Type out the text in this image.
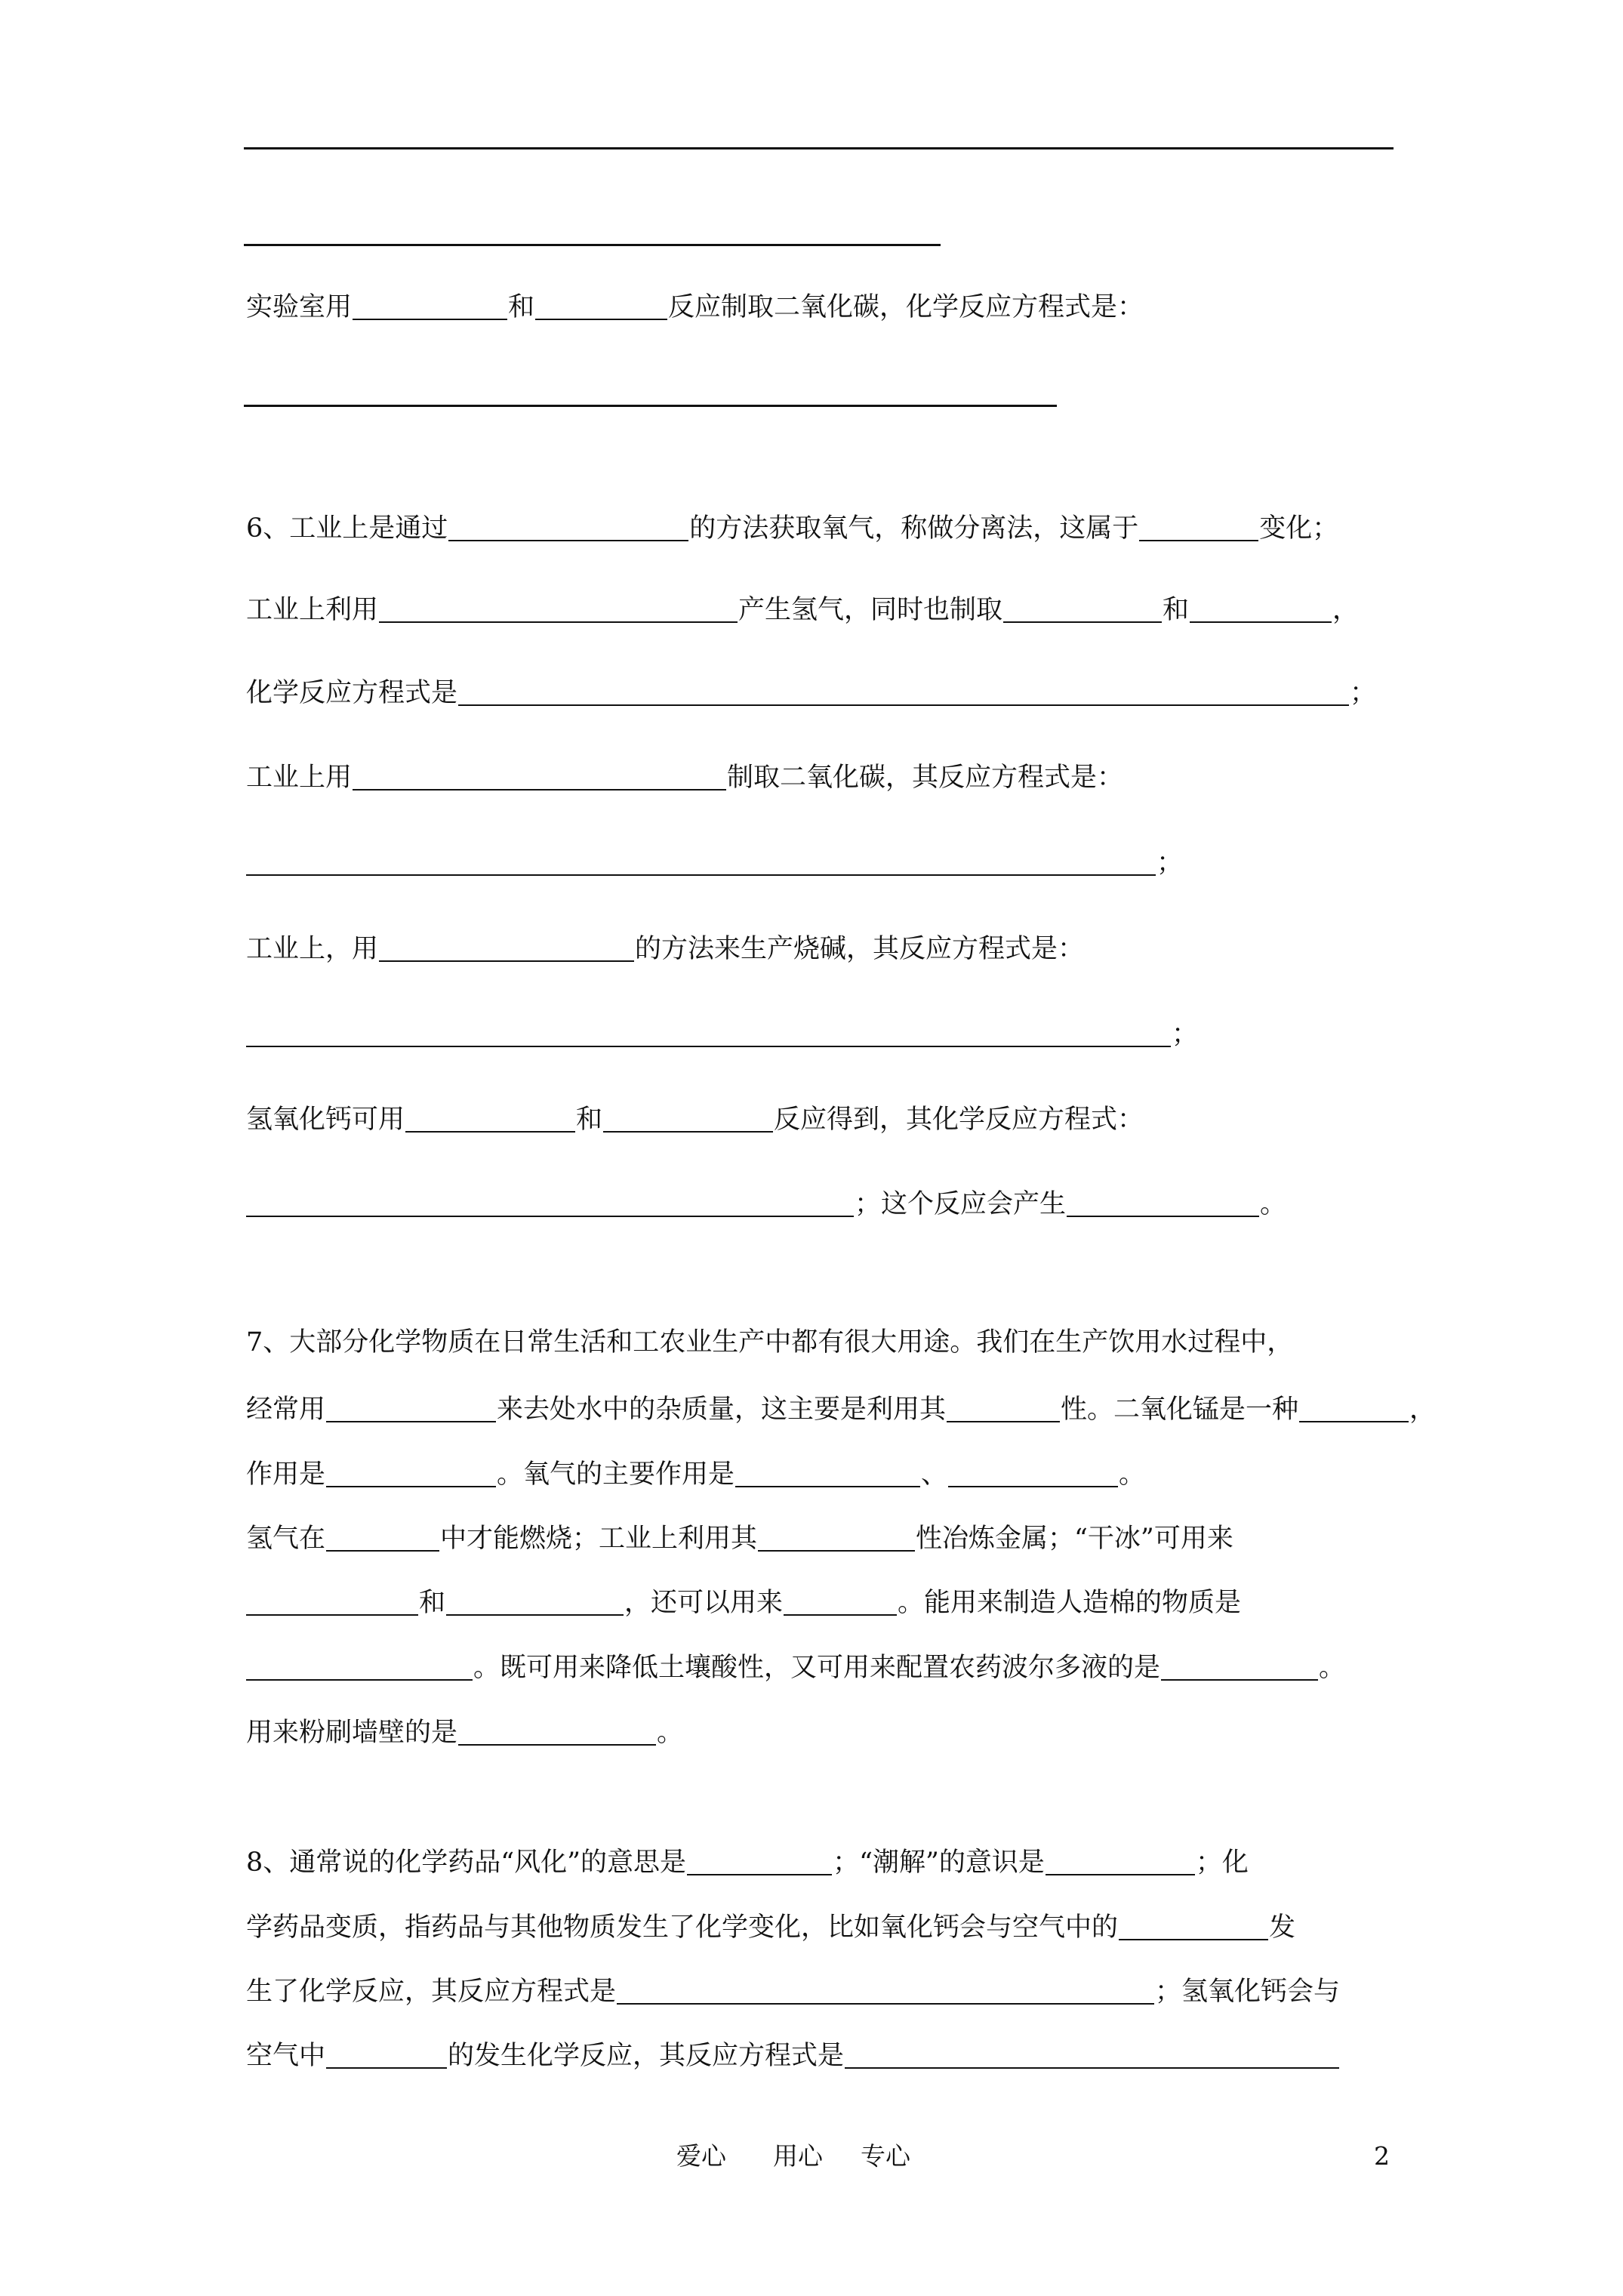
实验室用	和	反应制取二氧化碳，化学反应方程式是：
6、工业上是通过	的方法获取氧气，称做分离法，这属于	变化；
工业上利用	产生氢气，同时也制取	和	，
化学反应方程式是	；
工业上用	制取二氧化碳，其反应方程式是：
；
工业上，用	的方法来生产烧碱，其反应方程式是：
；
氢氧化钙可用	和	反应得到，其化学反应方程式：
；这个反应会产生	。
7、大部分化学物质在日常生活和工农业生产中都有很大用途。我们在生产饮用水过程中，
经常用	来去处水中的杂质量，这主要是利用其	性。二氧化锰是一种	，
作用是	。氧气的主要作用是	、	。
氢气在	中才能燃烧；工业上利用其	性冶炼金属；“干冰”可用来
和	，还可以用来	。能用来制造人造棉的物质是
。既可用来降低土壤酸性，又可用来配置农药波尔多液的是	。
用来粉刷墙壁的是	。
8、通常说的化学药品“风化”的意思是	；“潮解”的意识是	；化
学药品变质，指药品与其他物质发生了化学变化，比如氧化钙会与空气中的	发
生了化学反应，其反应方程式是	；氢氧化钙会与
空气中	的发生化学反应，其反应方程式是
爱心 用心 专心	2
